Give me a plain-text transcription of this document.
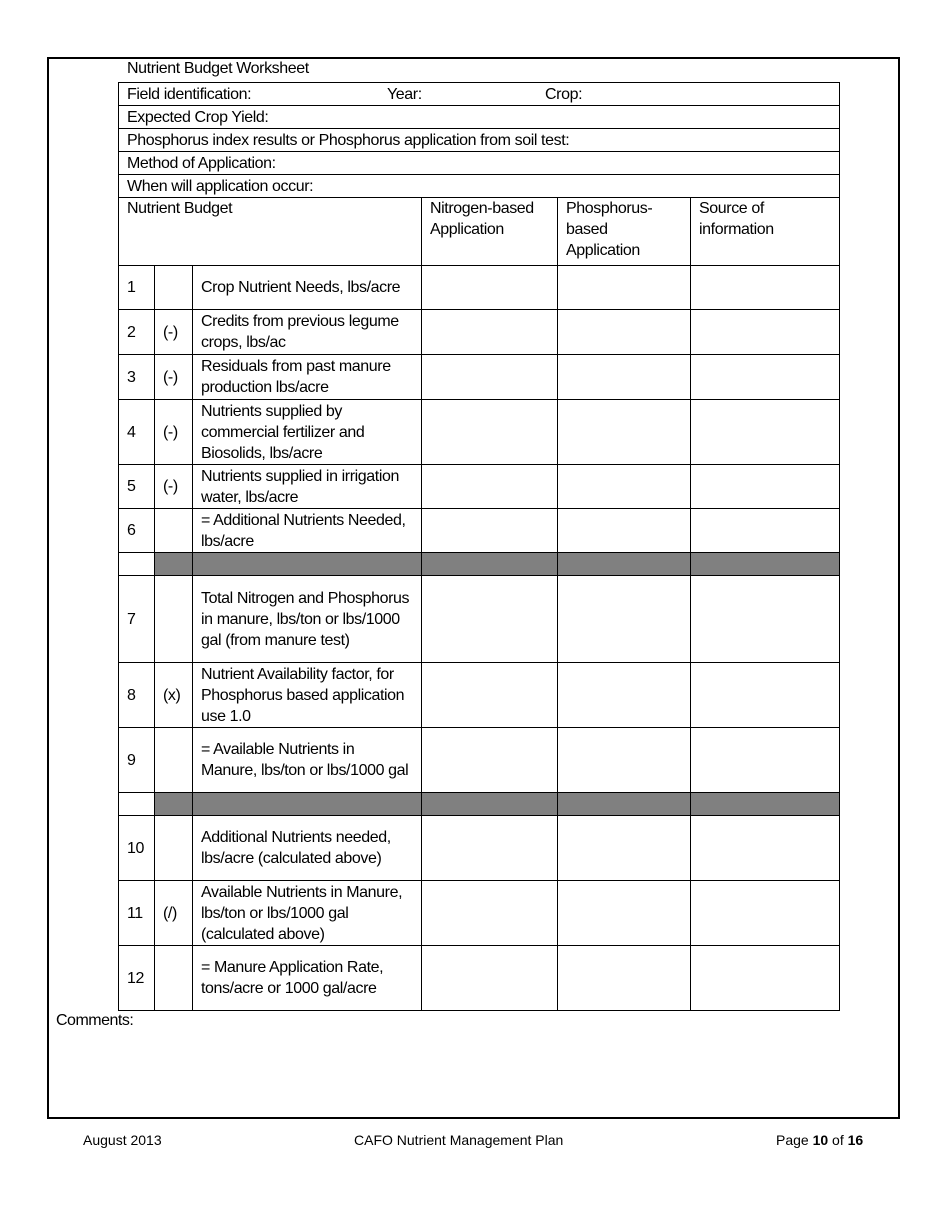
Nutrient Budget Worksheet
Field identification: Year: Crop:					
Expected Crop Yield:					
Phosphorus index results or Phosphorus application from soil test:					
Method of Application:					
When will application occur:					
Nutrient Budget			Nitrogen-based Application	Phosphorus-based Application	Source of information
1		Crop Nutrient Needs, lbs/acre			
2	(-)	Credits from previous legume crops, lbs/ac			
3	(-)	Residuals from past manure production lbs/acre			
4	(-)	Nutrients supplied by commercial fertilizer and Biosolids, lbs/acre			
5	(-)	Nutrients supplied in irrigation water, lbs/acre			
6		= Additional Nutrients Needed, lbs/acre			

7		Total Nitrogen and Phosphorus in manure, lbs/ton or lbs/1000 gal (from manure test)			
8	(x)	Nutrient Availability factor, for Phosphorus based application use 1.0			
9		= Available Nutrients in Manure, lbs/ton or lbs/1000 gal			

10		Additional Nutrients needed, lbs/acre (calculated above)			
11	(/)	Available Nutrients in Manure, lbs/ton or lbs/1000 gal (calculated above)			
12		= Manure Application Rate, tons/acre or 1000 gal/acre			
Comments:
August 2013	CAFO Nutrient Management Plan	Page 10 of 16
